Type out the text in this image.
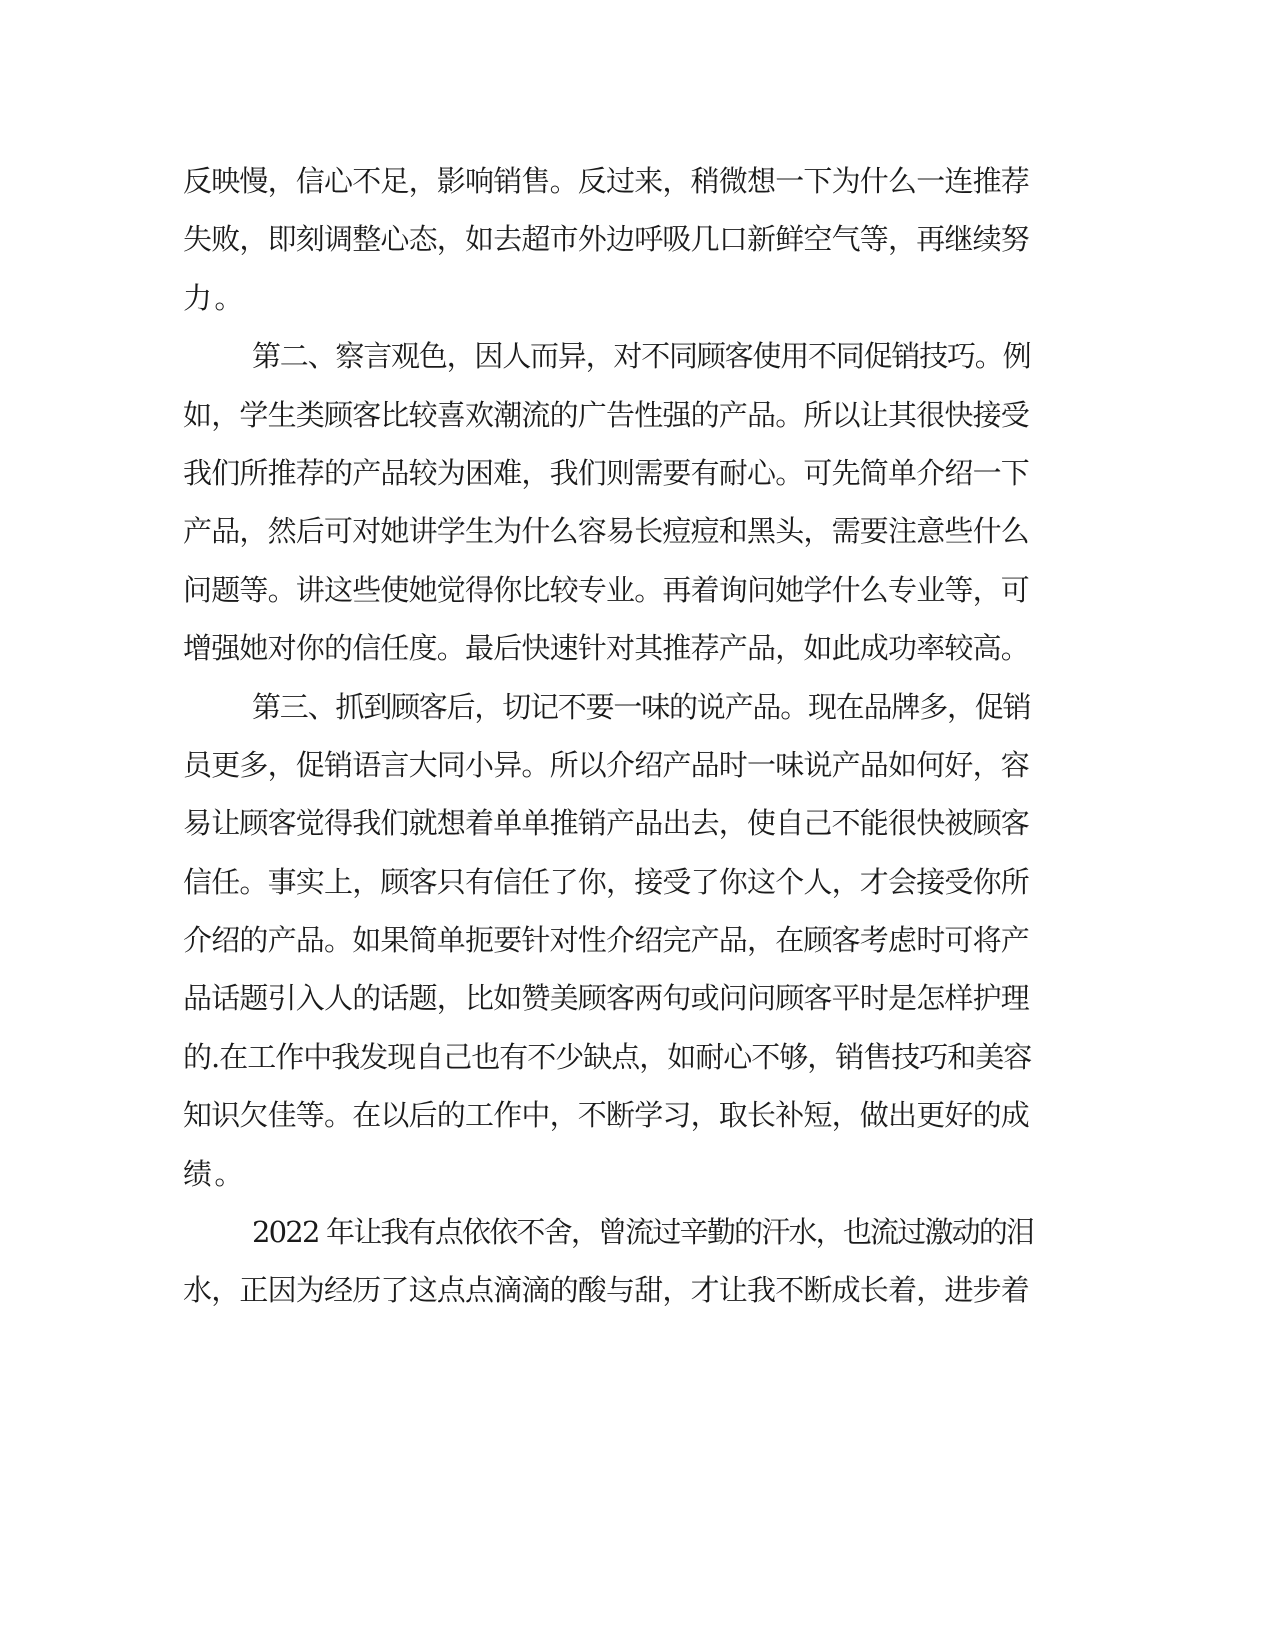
反映慢，信心不足，影响销售。反过来，稍微想一下为什么一连推荐
失败，即刻调整心态，如去超市外边呼吸几口新鲜空气等，再继续努
力。
第二、察言观色，因人而异，对不同顾客使用不同促销技巧。例
如，学生类顾客比较喜欢潮流的广告性强的产品。所以让其很快接受
我们所推荐的产品较为困难，我们则需要有耐心。可先简单介绍一下
产品，然后可对她讲学生为什么容易长痘痘和黑头，需要注意些什么
问题等。讲这些使她觉得你比较专业。再着询问她学什么专业等，可
增强她对你的信任度。最后快速针对其推荐产品，如此成功率较高。
第三、抓到顾客后，切记不要一味的说产品。现在品牌多，促销
员更多，促销语言大同小异。所以介绍产品时一味说产品如何好，容
易让顾客觉得我们就想着单单推销产品出去，使自己不能很快被顾客
信任。事实上，顾客只有信任了你，接受了你这个人，才会接受你所
介绍的产品。如果简单扼要针对性介绍完产品，在顾客考虑时可将产
品话题引入人的话题，比如赞美顾客两句或问问顾客平时是怎样护理
的.在工作中我发现自己也有不少缺点，如耐心不够，销售技巧和美容
知识欠佳等。在以后的工作中，不断学习，取长补短，做出更好的成
绩。
2022 年让我有点依依不舍，曾流过辛勤的汗水，也流过激动的泪
水，正因为经历了这点点滴滴的酸与甜，才让我不断成长着，进步着
